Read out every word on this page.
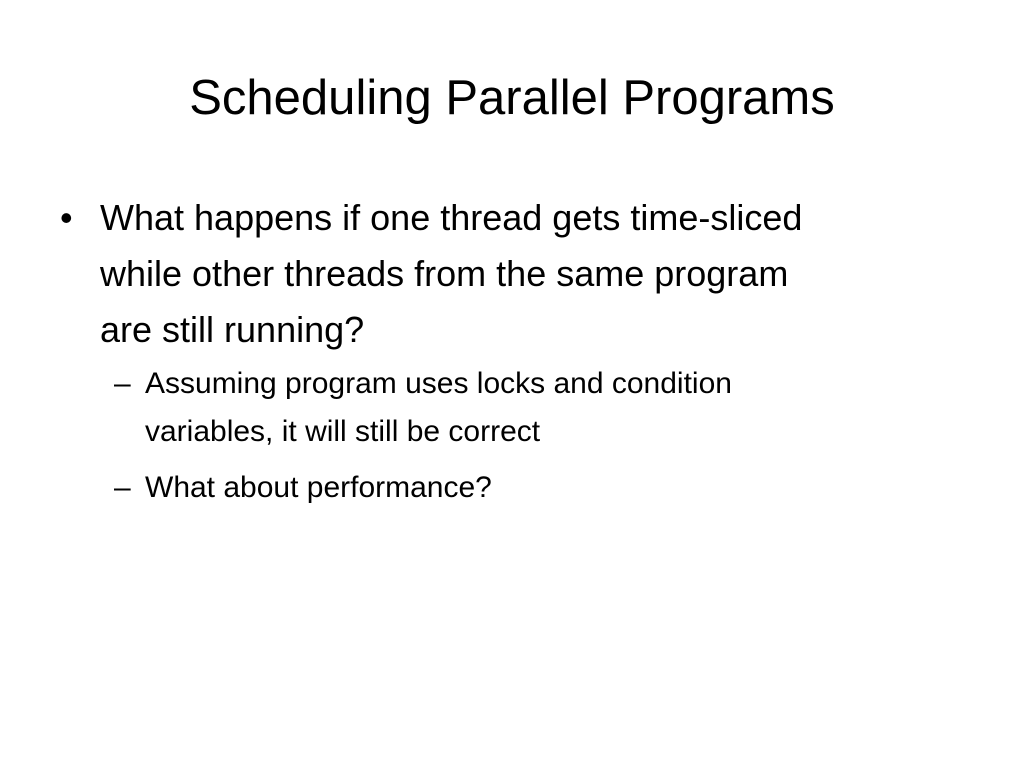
Scheduling Parallel Programs
• What happens if one thread gets time-sliced
while other threads from the same program
are still running?
– Assuming program uses locks and condition
variables, it will still be correct
– What about performance?
